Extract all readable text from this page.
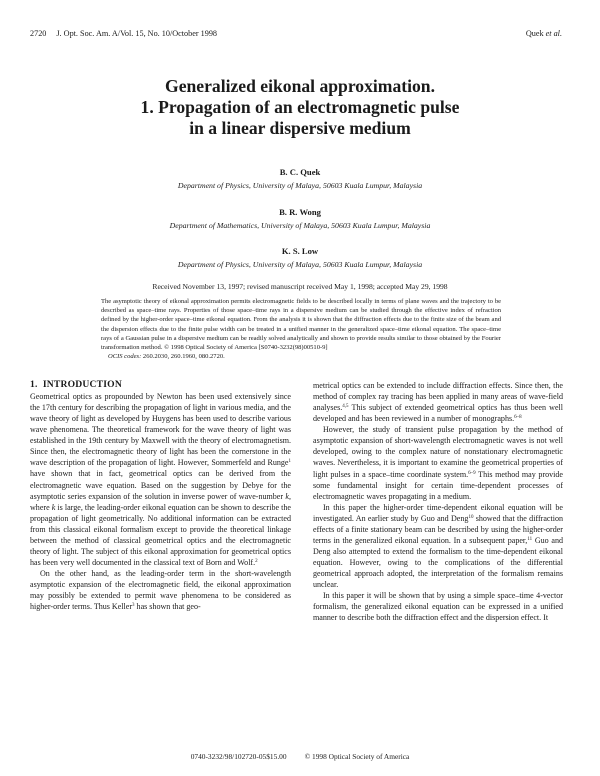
2720 J. Opt. Soc. Am. A/Vol. 15, No. 10/October 1998	Quek et al.
Generalized eikonal approximation.
1. Propagation of an electromagnetic pulse
in a linear dispersive medium
B. C. Quek
Department of Physics, University of Malaya, 50603 Kuala Lumpur, Malaysia
B. R. Wong
Department of Mathematics, University of Malaya, 50603 Kuala Lumpur, Malaysia
K. S. Low
Department of Physics, University of Malaya, 50603 Kuala Lumpur, Malaysia
Received November 13, 1997; revised manuscript received May 1, 1998; accepted May 29, 1998
The asymptotic theory of eikonal approximation permits electromagnetic fields to be described locally in terms of plane waves and the trajectory to be described as space–time rays. Properties of those space–time rays in a dispersive medium can be studied through the effective index of refraction defined by the higher-order space–time eikonal equation. From the analysis it is shown that the diffraction effects due to the finite size of the beam and the dispersion effects due to the finite pulse width can be treated in a unified manner in the generalized space–time eikonal equation. The space–time rays of a Gaussian pulse in a dispersive medium can be readily solved analytically and shown to provide results similar to those obtained by the Fourier transformation method. © 1998 Optical Society of America [S0740-3232(98)00510-9]
OCIS codes: 260.2030, 260.1960, 080.2720.
1. INTRODUCTION

Geometrical optics as propounded by Newton has been used extensively since the 17th century for describing the propagation of light in various media, and the wave theory of light as developed by Huygens has been used to describe various wave phenomena. The theoretical framework for the wave theory of light was established in the 19th century by Maxwell with the theory of electromagnetism. Since then, the electromagnetic theory of light has been the cornerstone in the wave description of the propagation of light. However, Sommerfeld and Runge$^1$ have shown that in fact, geometrical optics can be derived from the electromagnetic wave equation. Based on the suggestion by Debye for the asymptotic series expansion of the solution in inverse power of wave-number k, where k is large, the leading-order eikonal equation can be shown to describe the propagation of light geometrically. No additional information can be extracted from this classical eikonal formalism except to provide the theoretical linkage between the method of classical geometrical optics and the electromagnetic theory of light. The subject of this eikonal approximation for geometrical optics has been very well documented in the classical text of Born and Wolf.$^2$

On the other hand, as the leading-order term in the short-wavelength asymptotic expansion of the electromagnetic field, the eikonal approximation may possibly be extended to permit wave phenomena to be considered as higher-order terms. Thus Keller$^3$ has shown that geo-

metrical optics can be extended to include diffraction effects. Since then, the method of complex ray tracing has been applied in many areas of wave-field analyses.$^{4,5}$ This subject of extended geometrical optics has thus been well developed and has been reviewed in a number of monographs.$^{6-8}$

However, the study of transient pulse propagation by the method of asymptotic expansion of short-wavelength electromagnetic waves is not well developed, owing to the complex nature of nonstationary electromagnetic waves. Nevertheless, it is important to examine the geometrical properties of light pulses in a space–time coordinate system.$^{6-9}$ This method may provide some fundamental insight for certain time-dependent processes of electromagnetic waves propagating in a medium.

In this paper the higher-order time-dependent eikonal equation will be investigated. An earlier study by Guo and Deng$^{10}$ showed that the diffraction effects of a finite stationary beam can be described by using the higher-order terms in the generalized eikonal equation. In a subsequent paper,$^{11}$ Guo and Deng also attempted to extend the formalism to the time-dependent eikonal equation. However, owing to the complications of the differential geometrical approach adopted, the interpretation of the formalism remains unclear.

In this paper it will be shown that by using a simple space–time 4-vector formalism, the generalized eikonal equation can be expressed in a unified manner to describe both the diffraction effect and the dispersion effect. It

0740-3232/98/102720-05$15.00 © 1998 Optical Society of America
